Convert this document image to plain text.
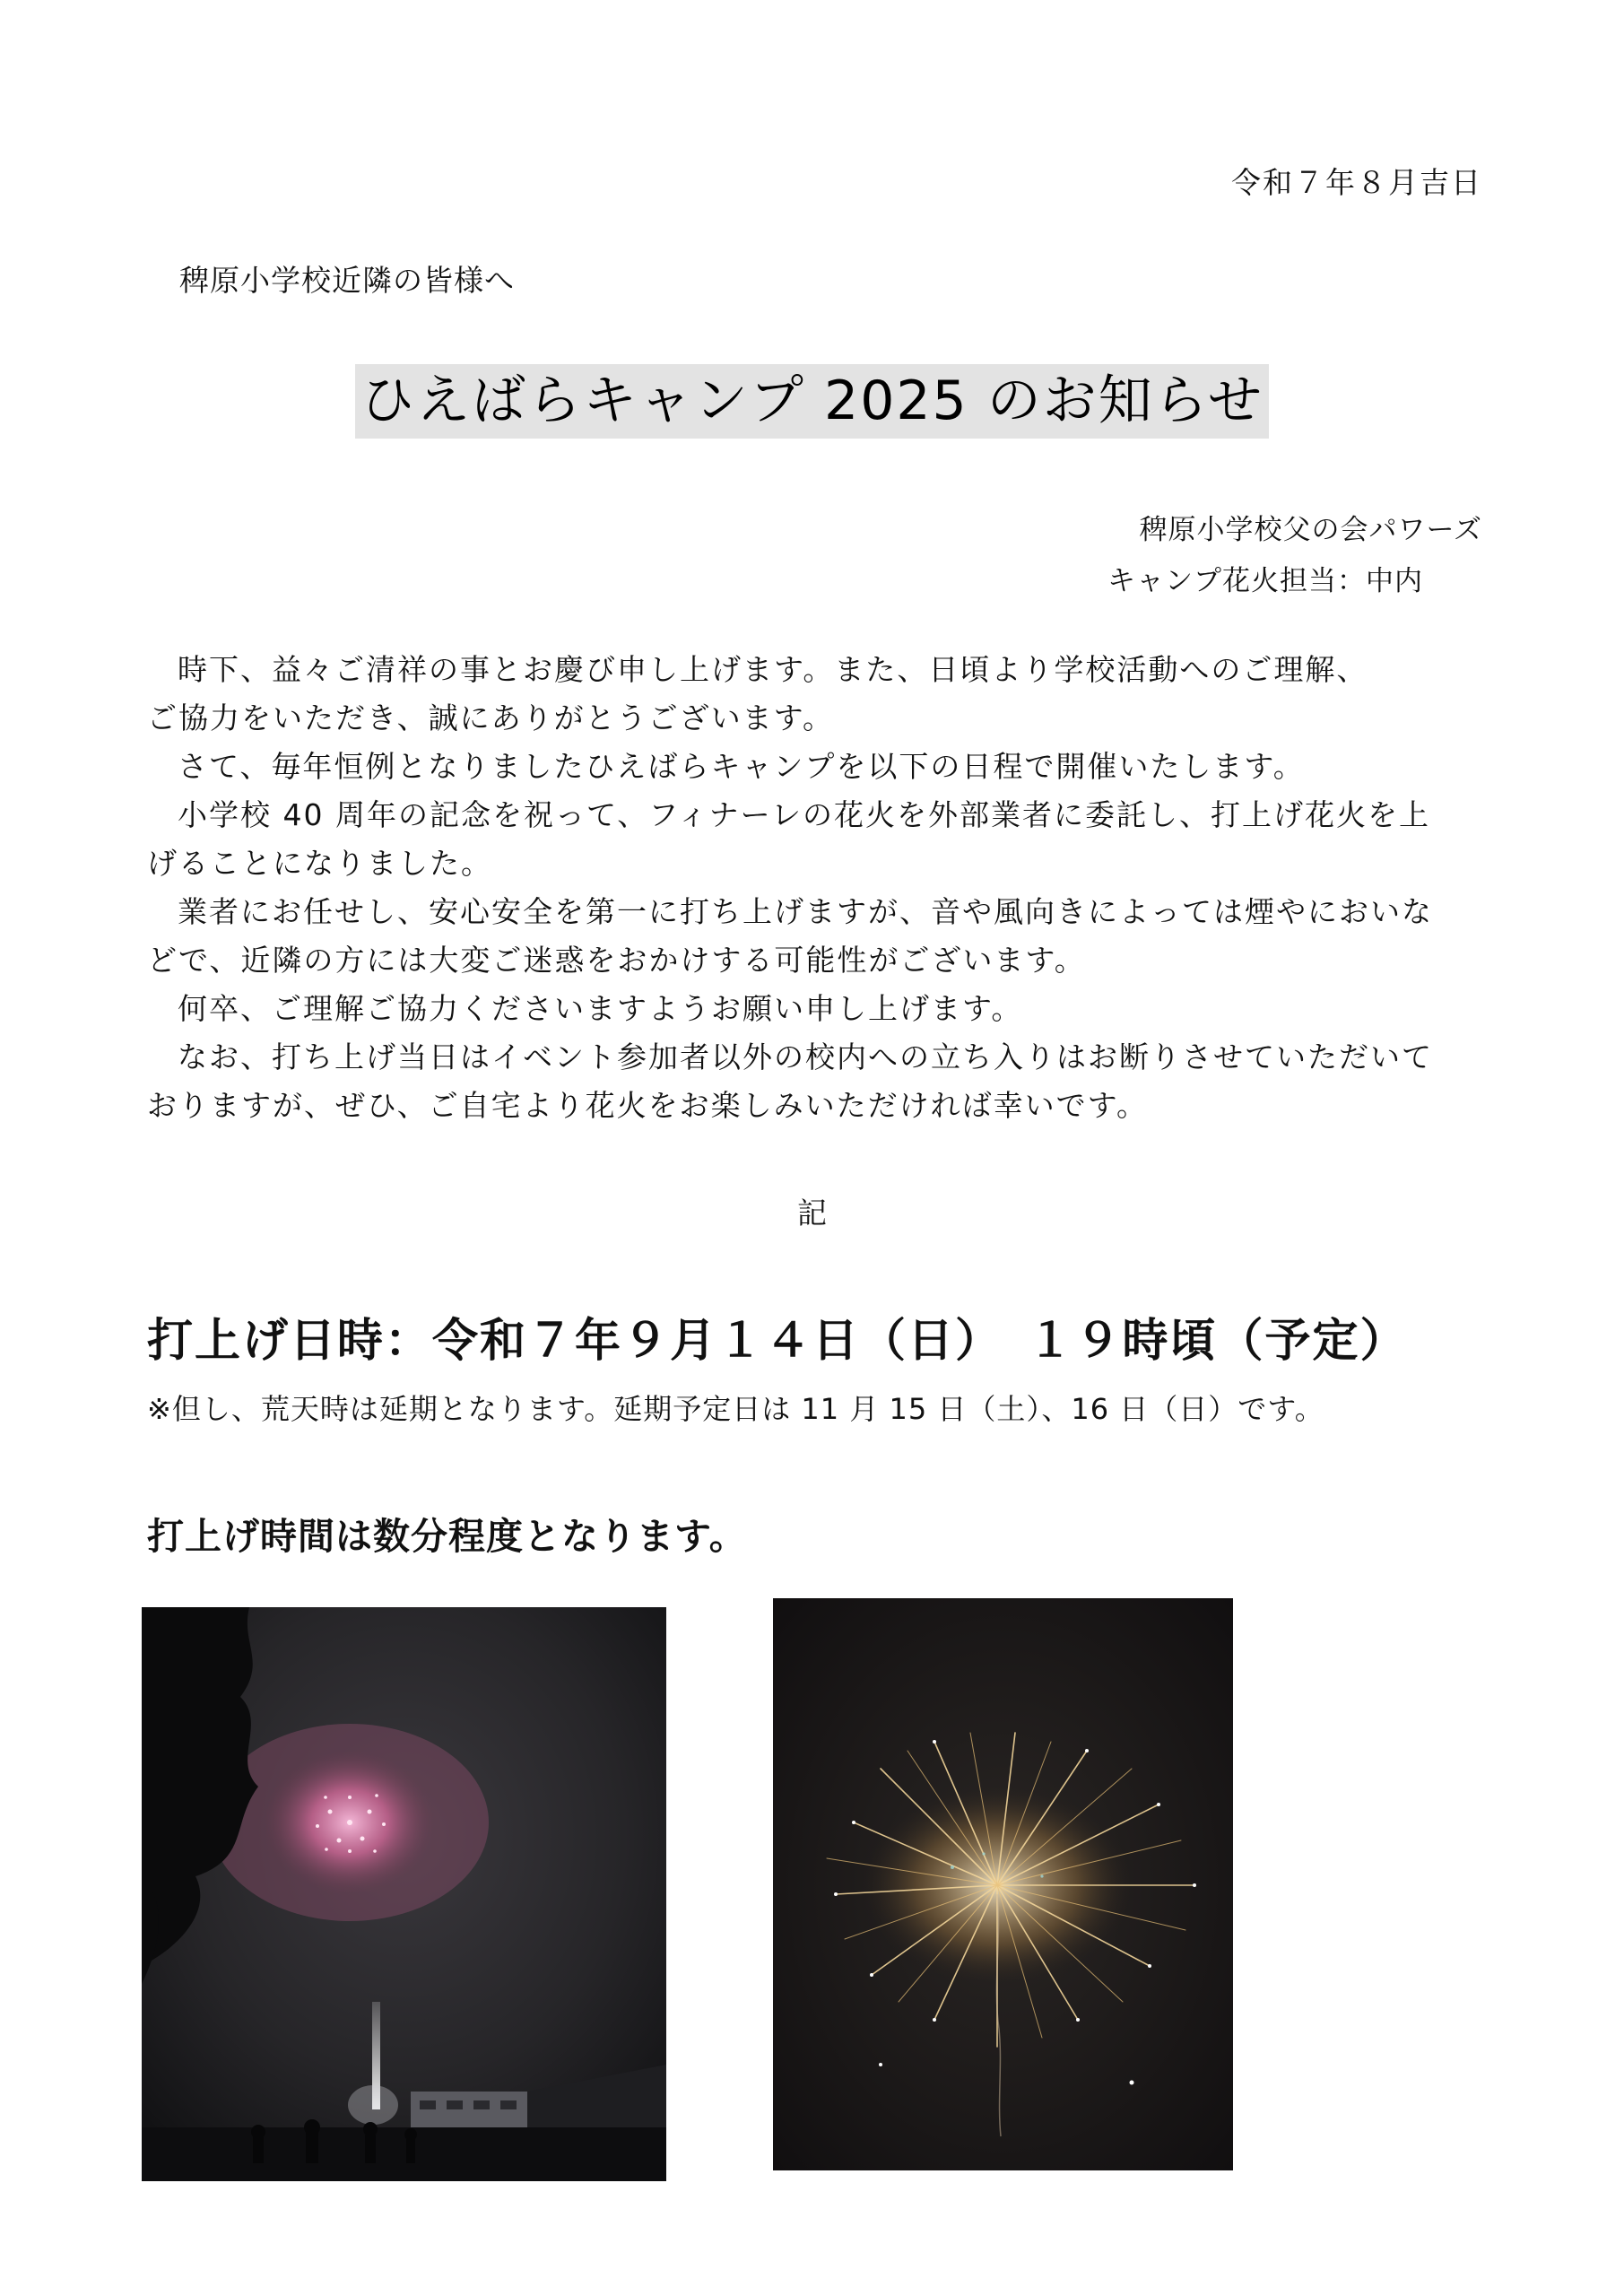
令和７年８月吉日
稗原小学校近隣の皆様へ
ひえばらキャンプ 2025 のお知らせ
稗原小学校父の会パワーズ
キャンプ花火担当：中内

時下、益々ご清祥の事とお慶び申し上げます。また、日頃より学校活動へのご理解、

ご協力をいただき、誠にありがとうございます。

さて、毎年恒例となりましたひえばらキャンプを以下の日程で開催いたします。

小学校 40 周年の記念を祝って、フィナーレの花火を外部業者に委託し、打上げ花火を上

げることになりました。

業者にお任せし、安心安全を第一に打ち上げますが、音や風向きによっては煙やにおいな

どで、近隣の方には大変ご迷惑をおかけする可能性がございます。

何卒、ご理解ご協力くださいますようお願い申し上げます。

なお、打ち上げ当日はイベント参加者以外の校内への立ち入りはお断りさせていただいて

おりますが、ぜひ、ご自宅より花火をお楽しみいただければ幸いです。

記
打上げ日時：令和７年９月１４日（日）　１９時頃（予定）
※但し、荒天時は延期となります。延期予定日は 11 月 15 日（土）、16 日（日）です。
打上げ時間は数分程度となります。
